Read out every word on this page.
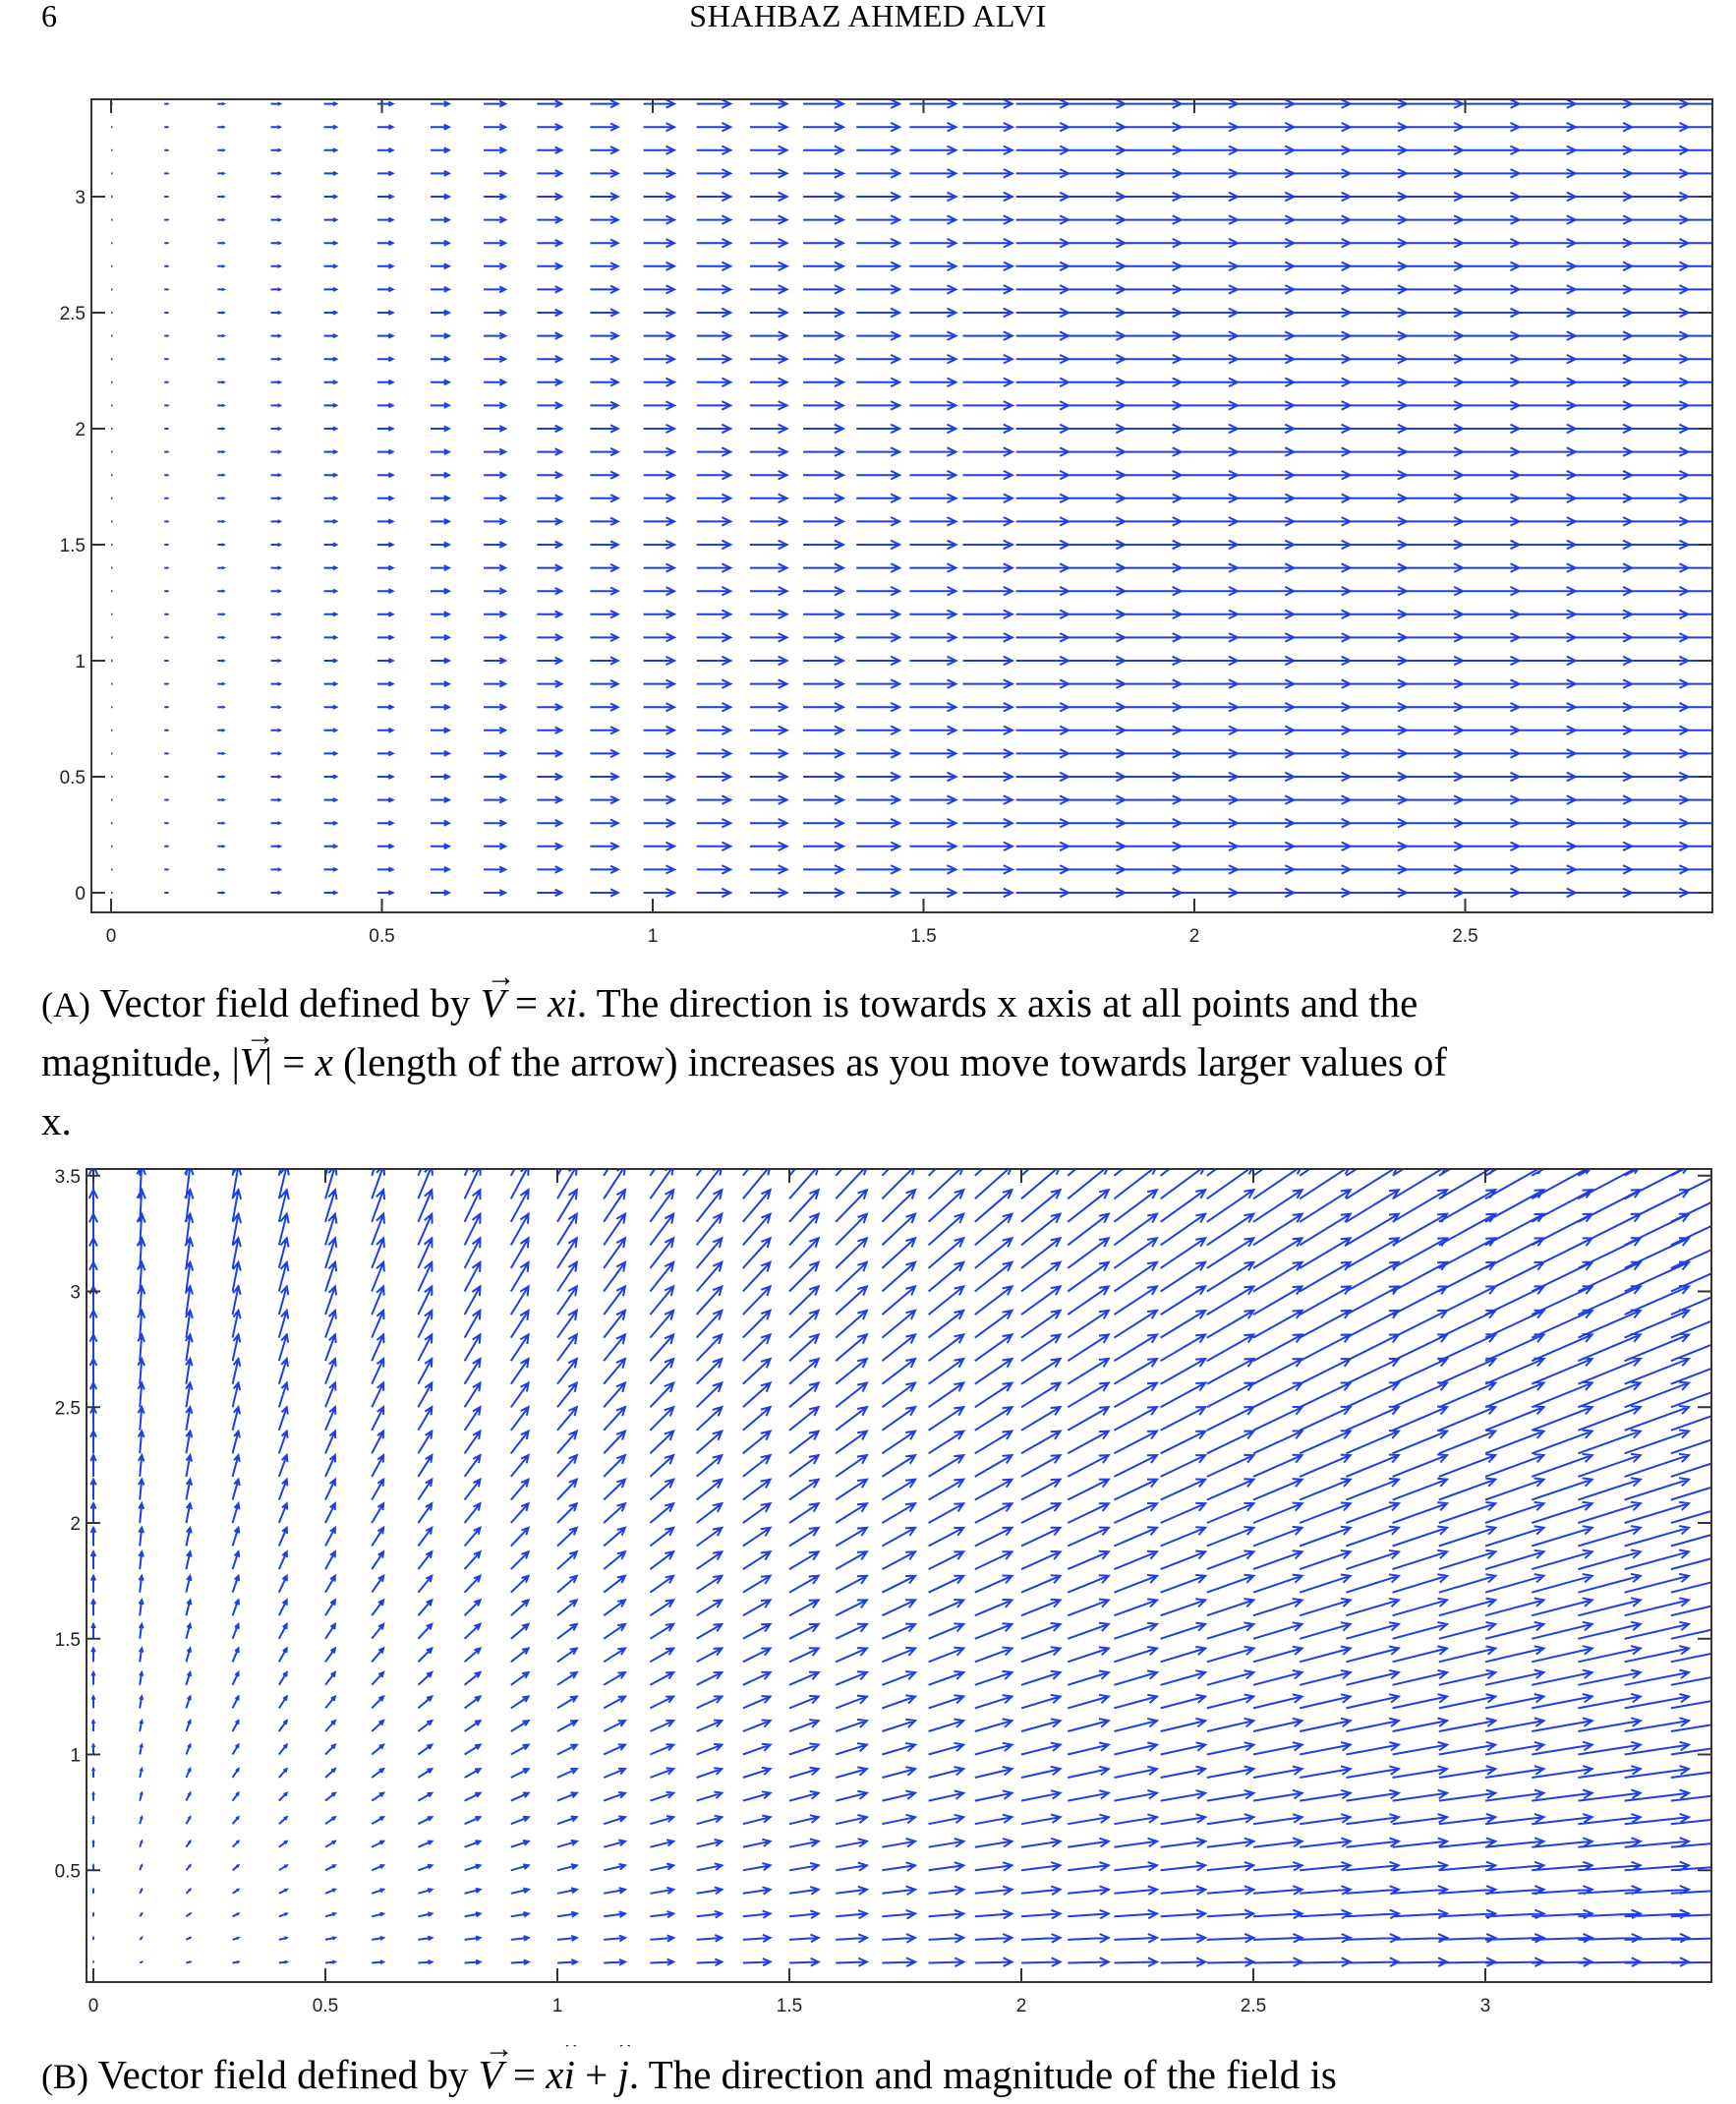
6	SHAHBAZ AHMED ALVI
0	0.5	1	1.5	2	2.5
0
0.5
1
1.5
2
2.5
3
(A) Vector field defined by → V = xi. The direction is towards x axis at all points and the
magnitude, |→ V| = x (length of the arrow) increases as you move towards larger values of
x.
0	0.5	1	1.5	2	2.5	3
0.5
1
1.5
2
2.5
3
3.5
(B) Vector field defined by → V = xˆ i + ˆ j. The direction and magnitude of the field is
